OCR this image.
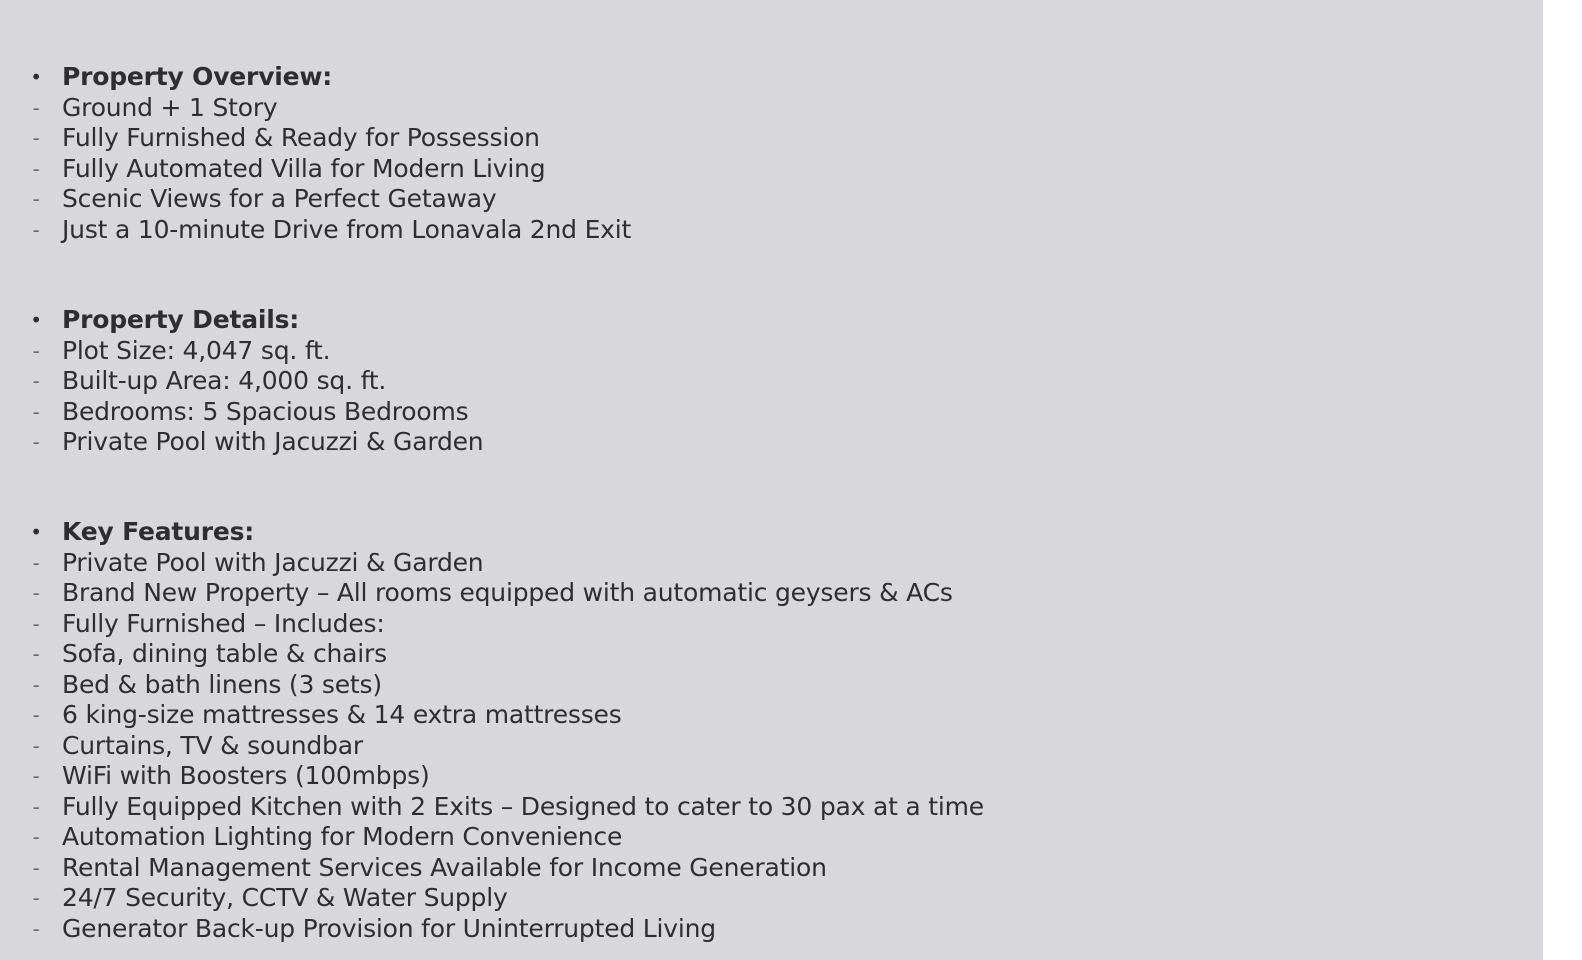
• Property Overview:
- Ground + 1 Story
- Fully Furnished & Ready for Possession
- Fully Automated Villa for Modern Living
- Scenic Views for a Perfect Getaway
- Just a 10-minute Drive from Lonavala 2nd Exit
• Property Details:
- Plot Size: 4,047 sq. ft.
- Built-up Area: 4,000 sq. ft.
- Bedrooms: 5 Spacious Bedrooms
- Private Pool with Jacuzzi & Garden
• Key Features:
- Private Pool with Jacuzzi & Garden
- Brand New Property – All rooms equipped with automatic geysers & ACs
- Fully Furnished – Includes:
- Sofa, dining table & chairs
- Bed & bath linens (3 sets)
- 6 king-size mattresses & 14 extra mattresses
- Curtains, TV & soundbar
- WiFi with Boosters (100mbps)
- Fully Equipped Kitchen with 2 Exits – Designed to cater to 30 pax at a time
- Automation Lighting for Modern Convenience
- Rental Management Services Available for Income Generation
- 24/7 Security, CCTV & Water Supply
- Generator Back-up Provision for Uninterrupted Living
